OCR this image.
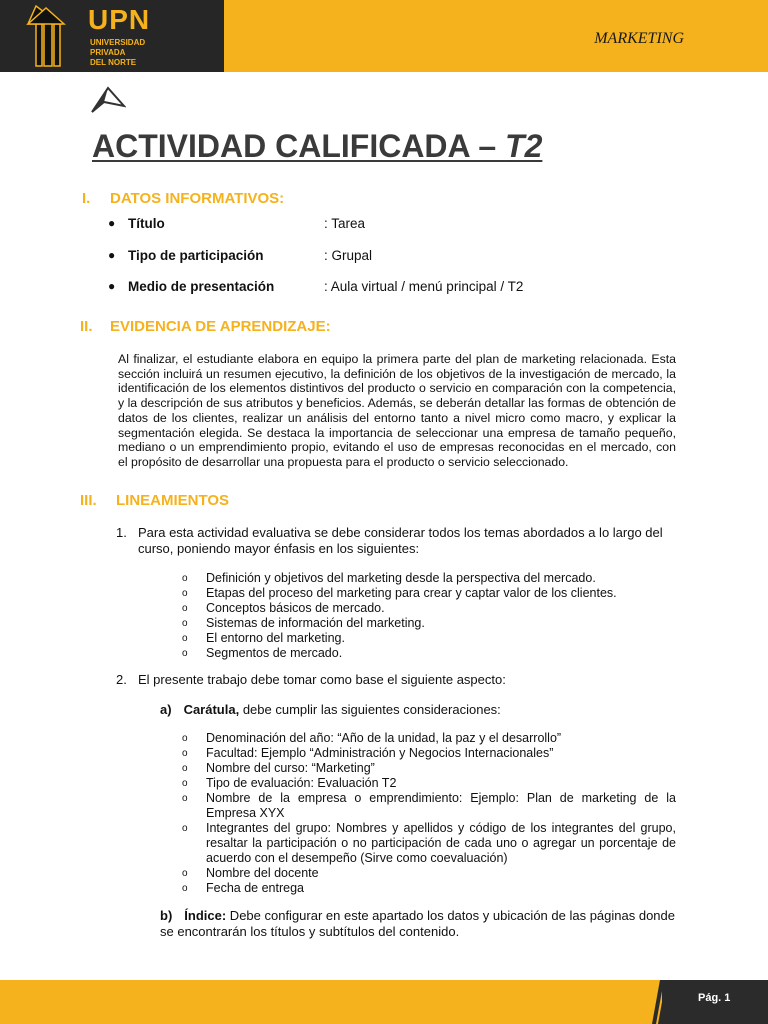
UPN
UNIVERSIDAD
PRIVADA
DEL NORTE
MARKETING
ACTIVIDAD CALIFICADA – T2
I. DATOS INFORMATIVOS:
● Título	: Tarea
● Tipo de participación	: Grupal
● Medio de presentación	: Aula virtual / menú principal / T2
II. EVIDENCIA DE APRENDIZAJE:

Al finalizar, el estudiante elabora en equipo la primera parte del plan de marketing relacionada. Esta sección incluirá un resumen ejecutivo, la definición de los objetivos de la investigación de mercado, la identificación de los elementos distintivos del producto o servicio en comparación con la competencia, y la descripción de sus atributos y beneficios. Además, se deberán detallar las formas de obtención de datos de los clientes, realizar un análisis del entorno tanto a nivel micro como macro, y explicar la segmentación elegida. Se destaca la importancia de seleccionar una empresa de tamaño pequeño, mediano o un emprendimiento propio, evitando el uso de empresas reconocidas en el mercado, con el propósito de desarrollar una propuesta para el producto o servicio seleccionado.

III. LINEAMIENTOS
1. Para esta actividad evaluativa se debe considerar todos los temas abordados a lo largo del curso, poniendo mayor énfasis en los siguientes:
o Definición y objetivos del marketing desde la perspectiva del mercado.
o Etapas del proceso del marketing para crear y captar valor de los clientes.
o Conceptos básicos de mercado.
o Sistemas de información del marketing.
o El entorno del marketing.
o Segmentos de mercado.
2. El presente trabajo debe tomar como base el siguiente aspecto:
a) Carátula, debe cumplir las siguientes consideraciones:
o Denominación del año: “Año de la unidad, la paz y el desarrollo”
o Facultad: Ejemplo “Administración y Negocios Internacionales”
o Nombre del curso: “Marketing”
o Tipo de evaluación: Evaluación T2
o Nombre de la empresa o emprendimiento: Ejemplo: Plan de marketing de la Empresa XYX
o Integrantes del grupo: Nombres y apellidos y código de los integrantes del grupo, resaltar la participación o no participación de cada uno o agregar un porcentaje de acuerdo con el desempeño (Sirve como coevaluación)
o Nombre del docente
o Fecha de entrega
b) Índice: Debe configurar en este apartado los datos y ubicación de las páginas donde se encontrarán los títulos y subtítulos del contenido.
Pág. 1
